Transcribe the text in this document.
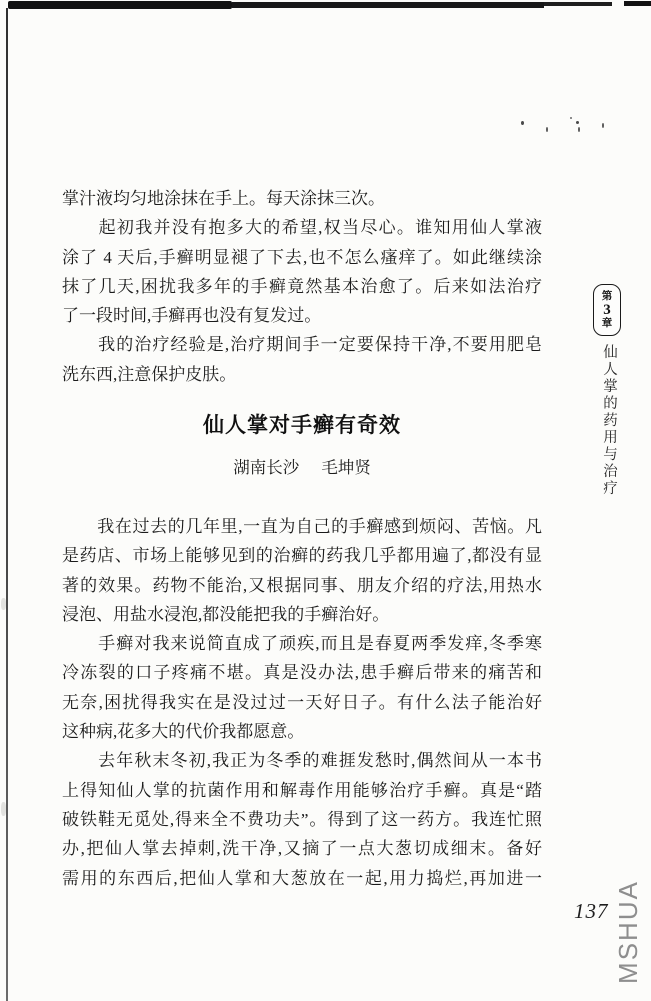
掌汁液均匀地涂抹在手上。每天涂抹三次。
　　起初我并没有抱多大的希望,权当尽心。谁知用仙人掌液
涂了 4 天后,手癣明显褪了下去,也不怎么瘙痒了。如此继续涂
抹了几天,困扰我多年的手癣竟然基本治愈了。后来如法治疗
了一段时间,手癣再也没有复发过。
　　我的治疗经验是,治疗期间手一定要保持干净,不要用肥皂
洗东西,注意保护皮肤。
仙人掌对手癣有奇效
湖南长沙 毛坤贤
　　我在过去的几年里,一直为自己的手癣感到烦闷、苦恼。凡
是药店、市场上能够见到的治癣的药我几乎都用遍了,都没有显
著的效果。药物不能治,又根据同事、朋友介绍的疗法,用热水
浸泡、用盐水浸泡,都没能把我的手癣治好。
　　手癣对我来说简直成了顽疾,而且是春夏两季发痒,冬季寒
冷冻裂的口子疼痛不堪。真是没办法,患手癣后带来的痛苦和
无奈,困扰得我实在是没过过一天好日子。有什么法子能治好
这种病,花多大的代价我都愿意。
　　去年秋末冬初,我正为冬季的难捱发愁时,偶然间从一本书
上得知仙人掌的抗菌作用和解毒作用能够治疗手癣。真是“踏
破铁鞋无觅处,得来全不费功夫”。得到了这一药方。我连忙照
办,把仙人掌去掉刺,洗干净,又摘了一点大葱切成细末。备好
需用的东西后,把仙人掌和大葱放在一起,用力捣烂,再加进一
第
3
章
仙人掌的药用与治疗
137 MSHUA
